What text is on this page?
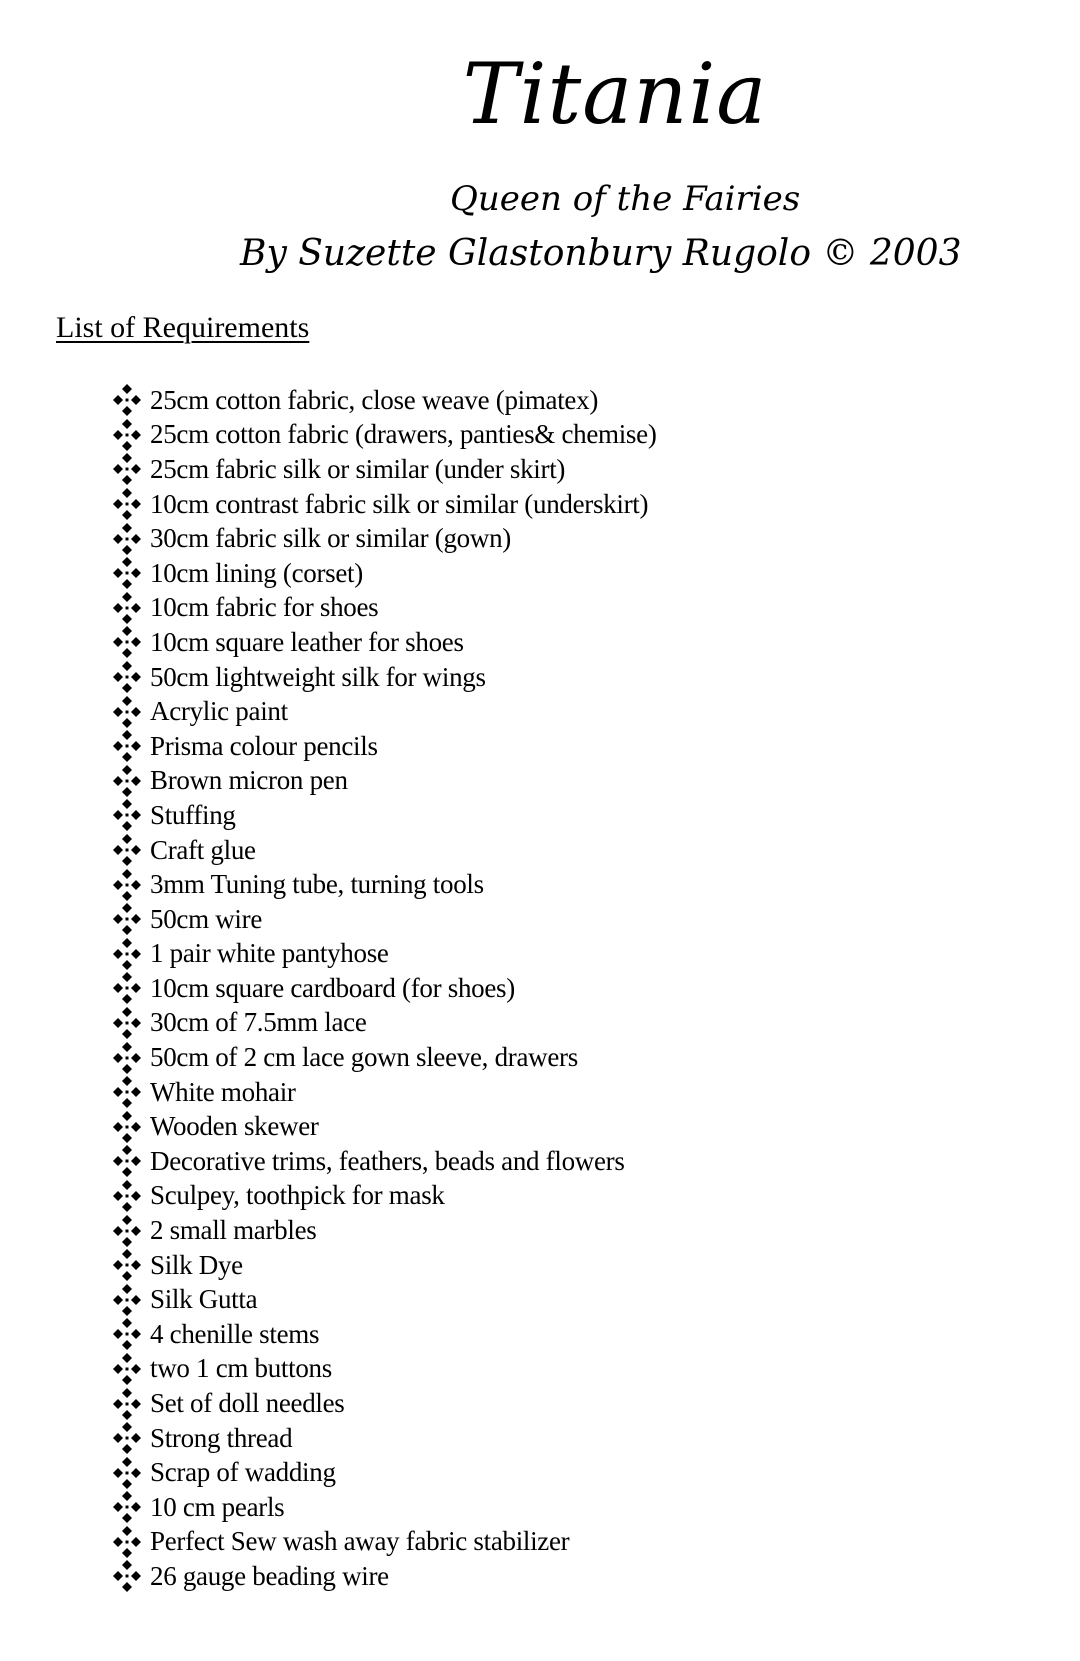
Titania
Queen of the Fairies
By Suzette Glastonbury Rugolo © 2003
List of Requirements
25cm cotton fabric, close weave (pimatex)
25cm cotton fabric (drawers, panties& chemise)
25cm fabric silk or similar (under skirt)
10cm contrast fabric silk or similar (underskirt)
30cm fabric silk or similar (gown)
10cm lining (corset)
10cm fabric for shoes
10cm square leather for shoes
50cm lightweight silk for wings
Acrylic paint
Prisma colour pencils
Brown micron pen
Stuffing
Craft glue
3mm Tuning tube, turning tools
50cm wire
1 pair white pantyhose
10cm square cardboard (for shoes)
30cm of 7.5mm lace
50cm of 2 cm lace gown sleeve, drawers
White mohair
Wooden skewer
Decorative trims, feathers, beads and flowers
Sculpey, toothpick for mask
2 small marbles
Silk Dye
Silk Gutta
4 chenille stems
two 1 cm buttons
Set of doll needles
Strong thread
Scrap of wadding
10 cm pearls
Perfect Sew wash away fabric stabilizer
26 gauge beading wire
